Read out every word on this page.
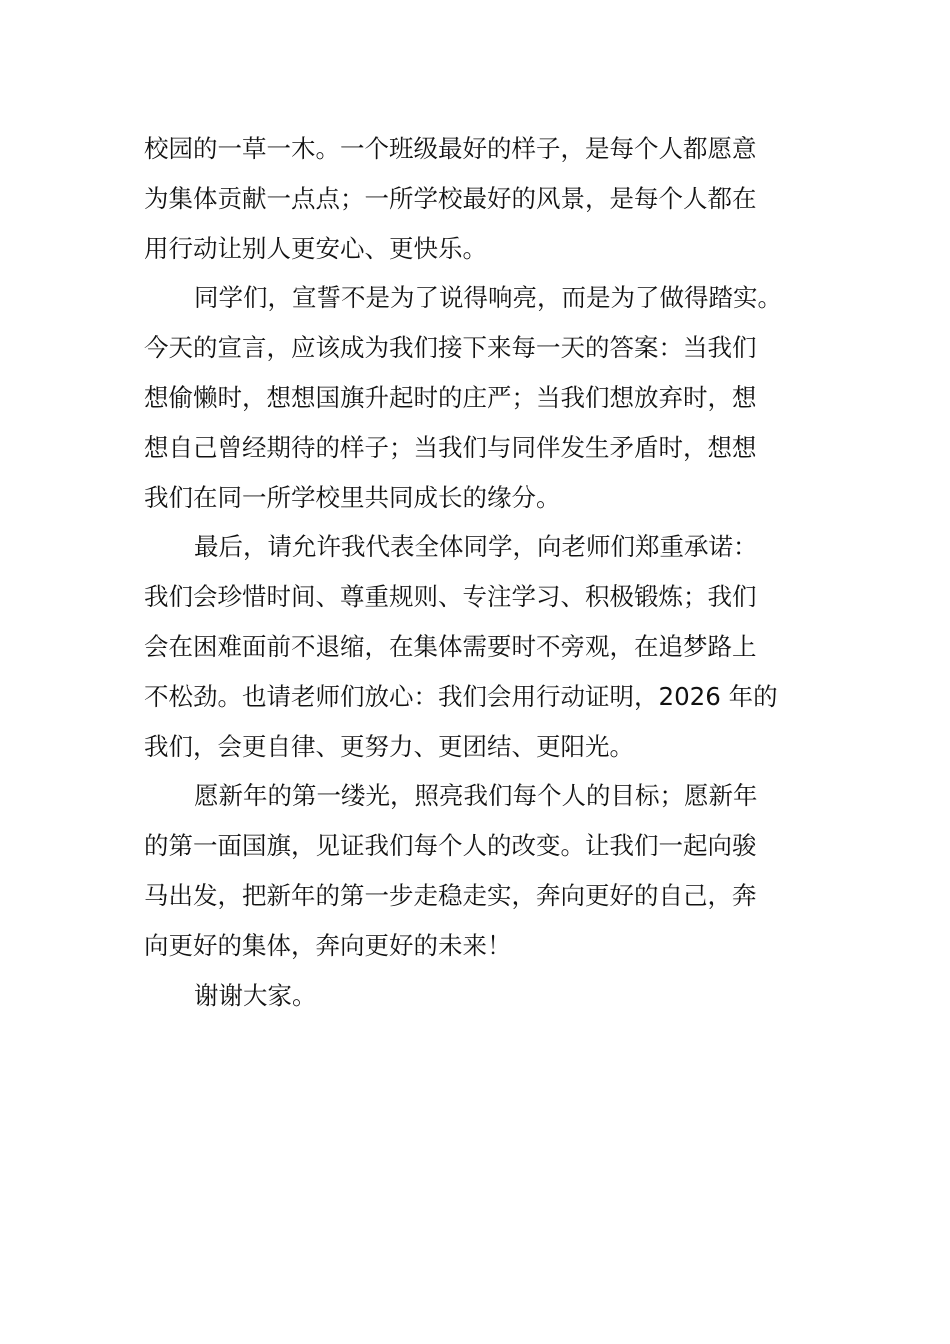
校园的一草一木。一个班级最好的样子，是每个人都愿意
为集体贡献一点点；一所学校最好的风景，是每个人都在
用行动让别人更安心、更快乐。
同学们，宣誓不是为了说得响亮，而是为了做得踏实。
今天的宣言，应该成为我们接下来每一天的答案：当我们
想偷懒时，想想国旗升起时的庄严；当我们想放弃时，想
想自己曾经期待的样子；当我们与同伴发生矛盾时，想想
我们在同一所学校里共同成长的缘分。
最后，请允许我代表全体同学，向老师们郑重承诺：
我们会珍惜时间、尊重规则、专注学习、积极锻炼；我们
会在困难面前不退缩，在集体需要时不旁观，在追梦路上
不松劲。也请老师们放心：我们会用行动证明，2026 年的
我们，会更自律、更努力、更团结、更阳光。
愿新年的第一缕光，照亮我们每个人的目标；愿新年
的第一面国旗，见证我们每个人的改变。让我们一起向骏
马出发，把新年的第一步走稳走实，奔向更好的自己，奔
向更好的集体，奔向更好的未来！
谢谢大家。
